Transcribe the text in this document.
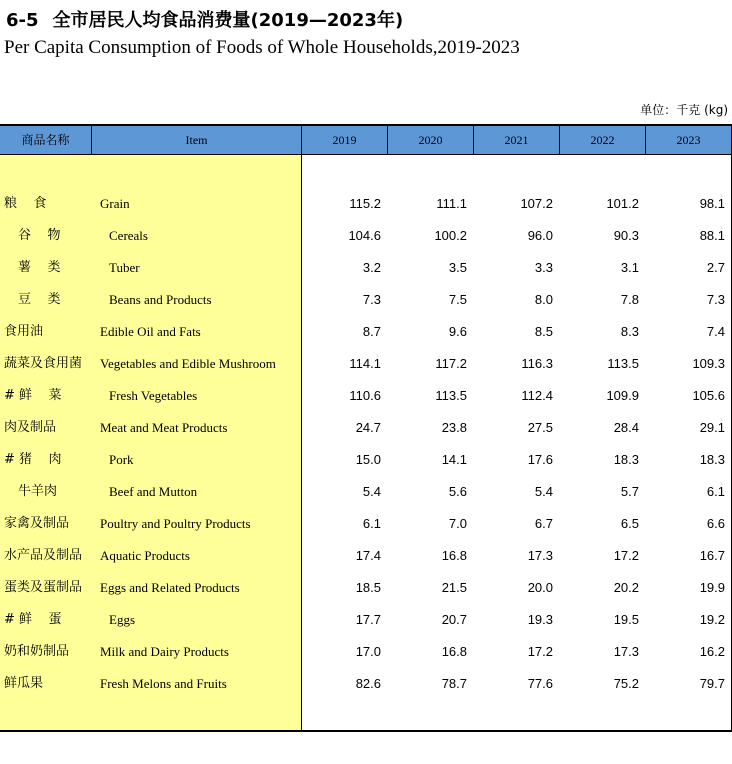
6-5 全市居民人均食品消费量(2019—2023年)
Per Capita Consumption of Foods of Whole Households,2019-2023
单位：千克 (kg)
商品名称	Item	2019	2020	2021	2022	2023
粮    食	Grain	115.2	111.1	107.2	101.2	98.1
谷    物	Cereals	104.6	100.2	96.0	90.3	88.1
薯    类	Tuber	3.2	3.5	3.3	3.1	2.7
豆    类	Beans and Products	7.3	7.5	8.0	7.8	7.3
食用油	Edible Oil and Fats	8.7	9.6	8.5	8.3	7.4
蔬菜及食用菌 Vegetables and Edible Mushroom	114.1	117.2	116.3	113.5	109.3
# 鲜    菜	Fresh Vegetables	110.6	113.5	112.4	109.9	105.6
肉及制品	Meat and Meat Products	24.7	23.8	27.5	28.4	29.1
# 猪    肉	Pork	15.0	14.1	17.6	18.3	18.3
牛羊肉	Beef and Mutton	5.4	5.6	5.4	5.7	6.1
家禽及制品 Poultry and Poultry Products	6.1	7.0	6.7	6.5	6.6
水产品及制品 Aquatic Products	17.4	16.8	17.3	17.2	16.7
蛋类及蛋制品 Eggs and Related Products	18.5	21.5	20.0	20.2	19.9
# 鲜    蛋	Eggs	17.7	20.7	19.3	19.5	19.2
奶和奶制品 Milk and Dairy Products	17.0	16.8	17.2	17.3	16.2
鲜瓜果	Fresh Melons and Fruits	82.6	78.7	77.6	75.2	79.7
